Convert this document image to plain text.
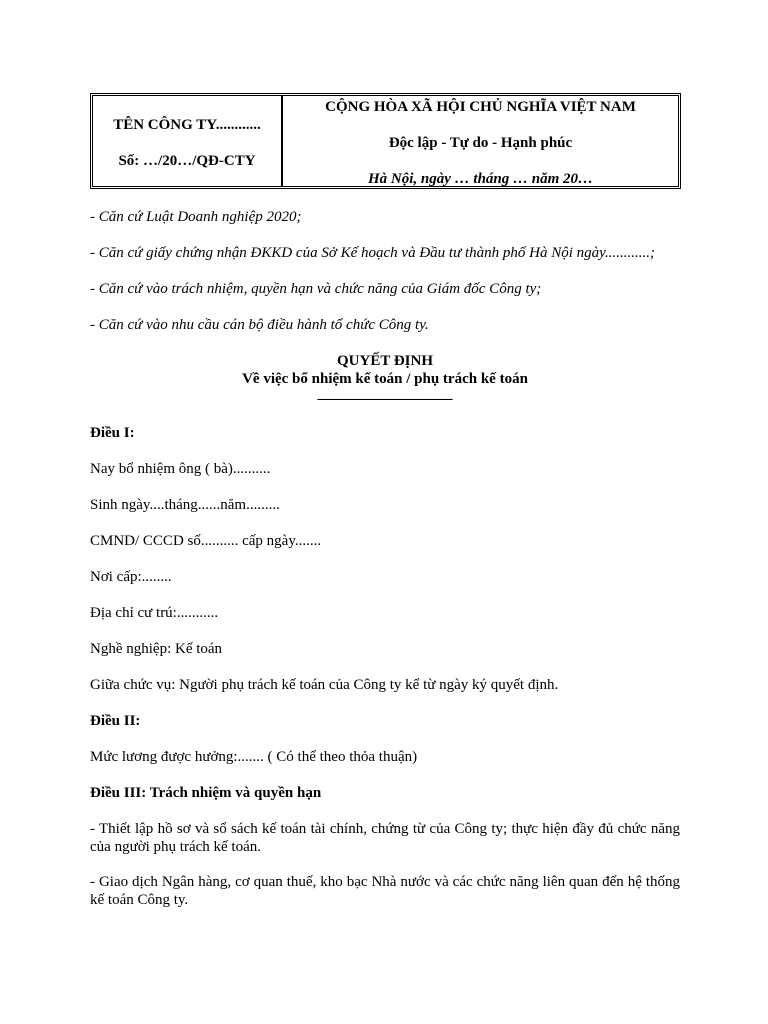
TÊN CÔNG TY............
Số: …/20…/QĐ-CTY
CỘNG HÒA XÃ HỘI CHỦ NGHĨA VIỆT NAM
Độc lập - Tự do - Hạnh phúc
Hà Nội, ngày … tháng … năm 20…
- Căn cứ Luật Doanh nghiệp 2020;
- Căn cứ giấy chứng nhận ĐKKD của Sở Kế hoạch và Đầu tư thành phố Hà Nội ngày............;
- Căn cứ vào trách nhiệm, quyền hạn và chức năng của Giám đốc Công ty;
- Căn cứ vào nhu cầu cán bộ điều hành tổ chức Công ty.
QUYẾT ĐỊNH
Về việc bổ nhiệm kế toán / phụ trách kế toán
__________________
Điều I:
Nay bổ nhiệm ông ( bà)..........
Sinh ngày....tháng......năm.........
CMND/ CCCD số.......... cấp ngày.......
Nơi cấp:........
Địa chỉ cư trú:...........
Nghề nghiệp: Kế toán
Giữa chức vụ: Người phụ trách kế toán của Công ty kể từ ngày ký quyết định.
Điều II:
Mức lương được hưởng:....... ( Có thể theo thỏa thuận)
Điều III: Trách nhiệm và quyền hạn
- Thiết lập hồ sơ và sổ sách kế toán tài chính, chứng từ của Công ty; thực hiện đầy đủ chức năng của người phụ trách kế toán.
- Giao dịch Ngân hàng, cơ quan thuế, kho bạc Nhà nước và các chức năng liên quan đến hệ thống kế toán Công ty.
